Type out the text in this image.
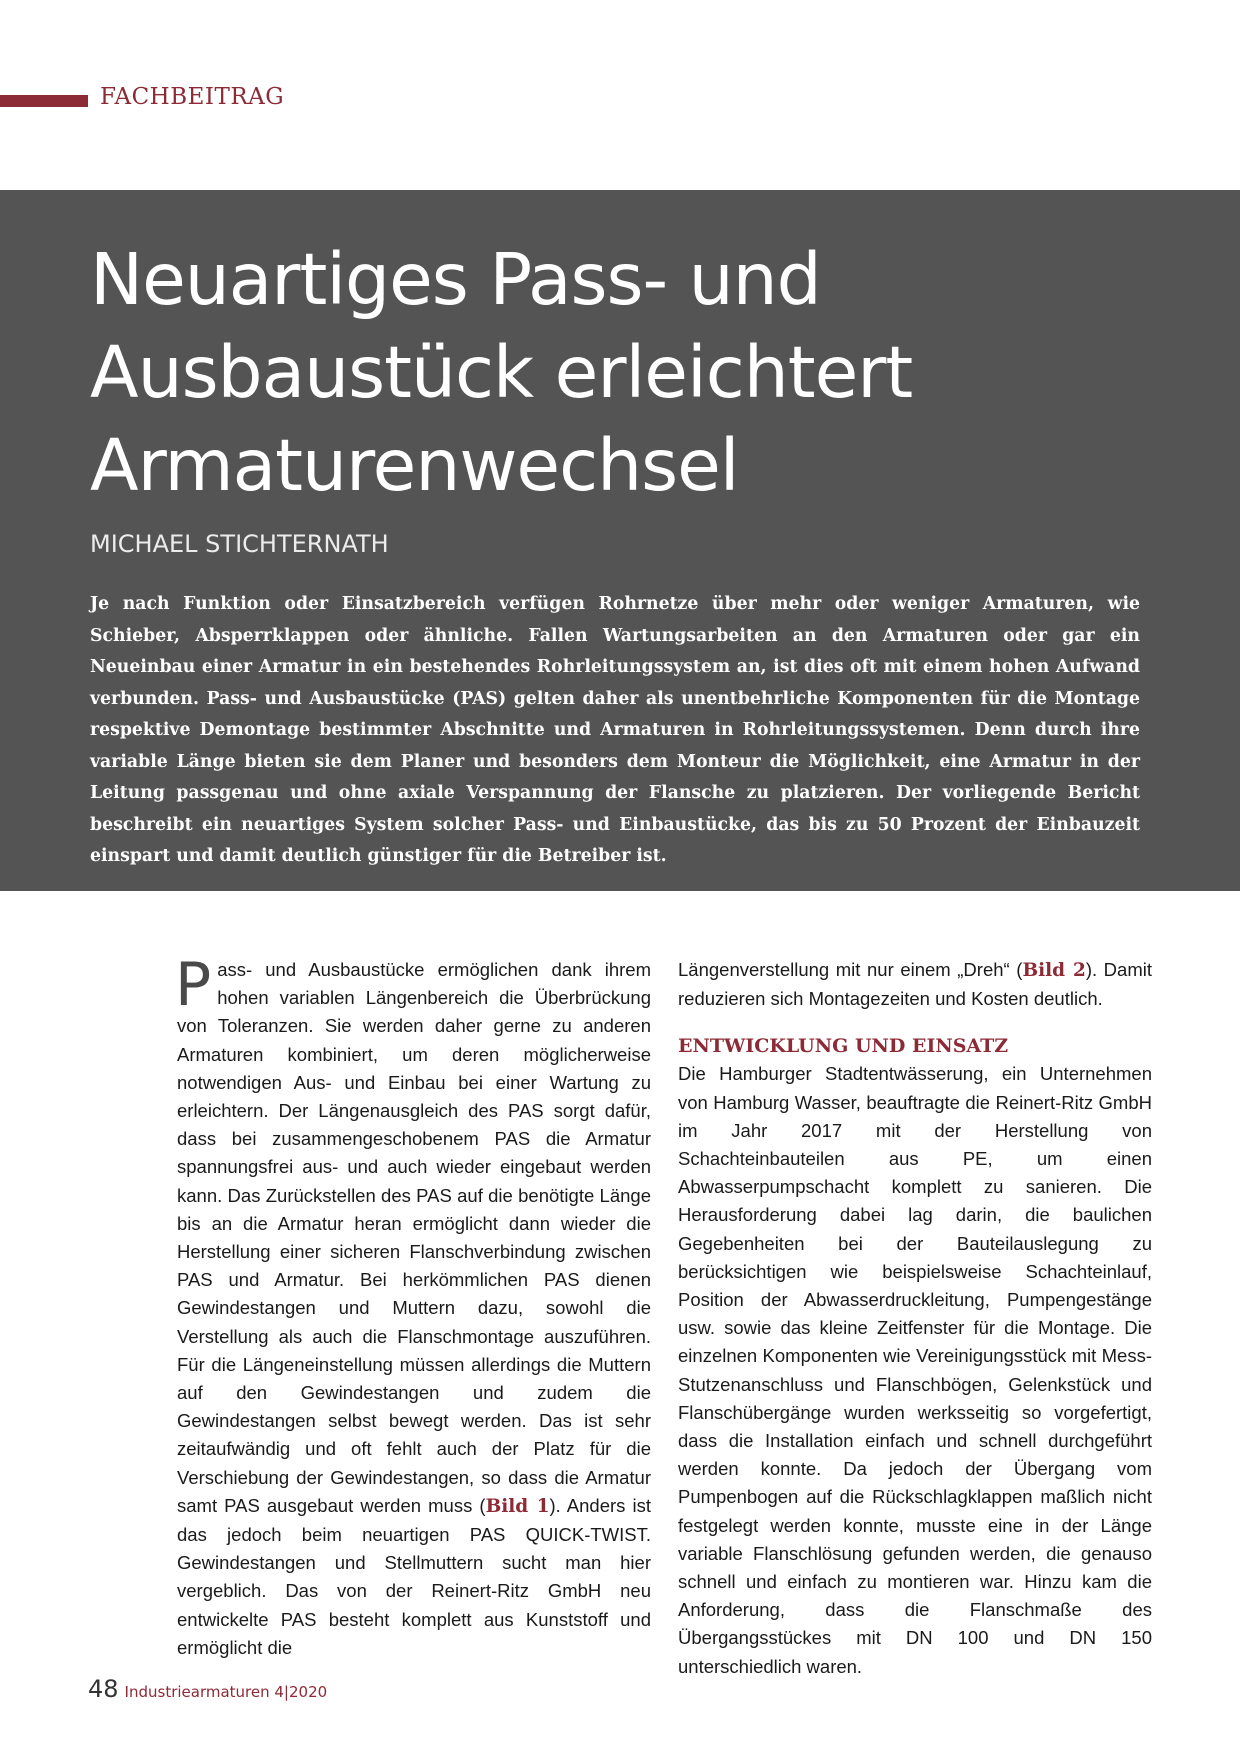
FACHBEITRAG
Neuartiges Pass- und Ausbaustück erleichtert Armaturenwechsel
MICHAEL STICHTERNATH

Je nach Funktion oder Einsatzbereich verfügen Rohrnetze über mehr oder weniger Armaturen, wie Schieber, Absperrklappen oder ähnliche. Fallen Wartungsarbeiten an den Armaturen oder gar ein Neueinbau einer Armatur in ein bestehendes Rohrleitungssystem an, ist dies oft mit einem hohen Aufwand verbunden. Pass- und Ausbaustücke (PAS) gelten daher als unentbehrliche Komponenten für die Montage respektive Demontage bestimmter Abschnitte und Armaturen in Rohrleitungssystemen. Denn durch ihre variable Länge bieten sie dem Planer und besonders dem Monteur die Möglichkeit, eine Armatur in der Leitung passgenau und ohne axiale Verspannung der Flansche zu platzieren. Der vorliegende Bericht beschreibt ein neuartiges System solcher Pass- und Einbaustücke, das bis zu 50 Prozent der Einbauzeit einspart und damit deutlich günstiger für die Betreiber ist.

Pass- und Ausbaustücke ermöglichen dank ihrem hohen variablen Längenbereich die Überbrückung von Toleranzen. Sie werden daher gerne zu anderen Armaturen kombiniert, um deren möglicherweise notwendigen Aus- und Einbau bei einer Wartung zu erleichtern. Der Längenausgleich des PAS sorgt dafür, dass bei zusammengeschobenem PAS die Armatur spannungsfrei aus- und auch wieder eingebaut werden kann. Das Zurückstellen des PAS auf die benötigte Länge bis an die Armatur heran ermöglicht dann wieder die Herstellung einer sicheren Flanschverbindung zwischen PAS und Armatur. Bei herkömmlichen PAS dienen Gewindestangen und Muttern dazu, sowohl die Verstellung als auch die Flanschmontage auszuführen. Für die Längeneinstellung müssen allerdings die Muttern auf den Gewindestangen und zudem die Gewindestangen selbst bewegt werden. Das ist sehr zeitaufwändig und oft fehlt auch der Platz für die Verschiebung der Gewindestangen, so dass die Armatur samt PAS ausgebaut werden muss (Bild 1). Anders ist das jedoch beim neuartigen PAS QUICK-TWIST. Gewindestangen und Stellmuttern sucht man hier vergeblich. Das von der Reinert-Ritz GmbH neu entwickelte PAS besteht komplett aus Kunststoff und ermöglicht die

Längenverstellung mit nur einem „Dreh“ (Bild 2). Damit reduzieren sich Montagezeiten und Kosten deutlich.

ENTWICKLUNG UND EINSATZ

Die Hamburger Stadtentwässerung, ein Unternehmen von Hamburg Wasser, beauftragte die Reinert-Ritz GmbH im Jahr 2017 mit der Herstellung von Schachteinbauteilen aus PE, um einen Abwasserpumpschacht komplett zu sanieren. Die Herausforderung dabei lag darin, die baulichen Gegebenheiten bei der Bauteilauslegung zu berücksichtigen wie beispielsweise Schachteinlauf, Position der Abwasserdruckleitung, Pumpengestänge usw. sowie das kleine Zeitfenster für die Montage. Die einzelnen Komponenten wie Vereinigungsstück mit Mess-Stutzenanschluss und Flanschbögen, Gelenkstück und Flanschübergänge wurden werksseitig so vorgefertigt, dass die Installation einfach und schnell durchgeführt werden konnte. Da jedoch der Übergang vom Pumpenbogen auf die Rückschlagklappen maßlich nicht festgelegt werden konnte, musste eine in der Länge variable Flanschlösung gefunden werden, die genauso schnell und einfach zu montieren war. Hinzu kam die Anforderung, dass die Flanschmaße des Übergangsstückes mit DN 100 und DN 150 unterschiedlich waren.

48 Industriearmaturen 4|2020
